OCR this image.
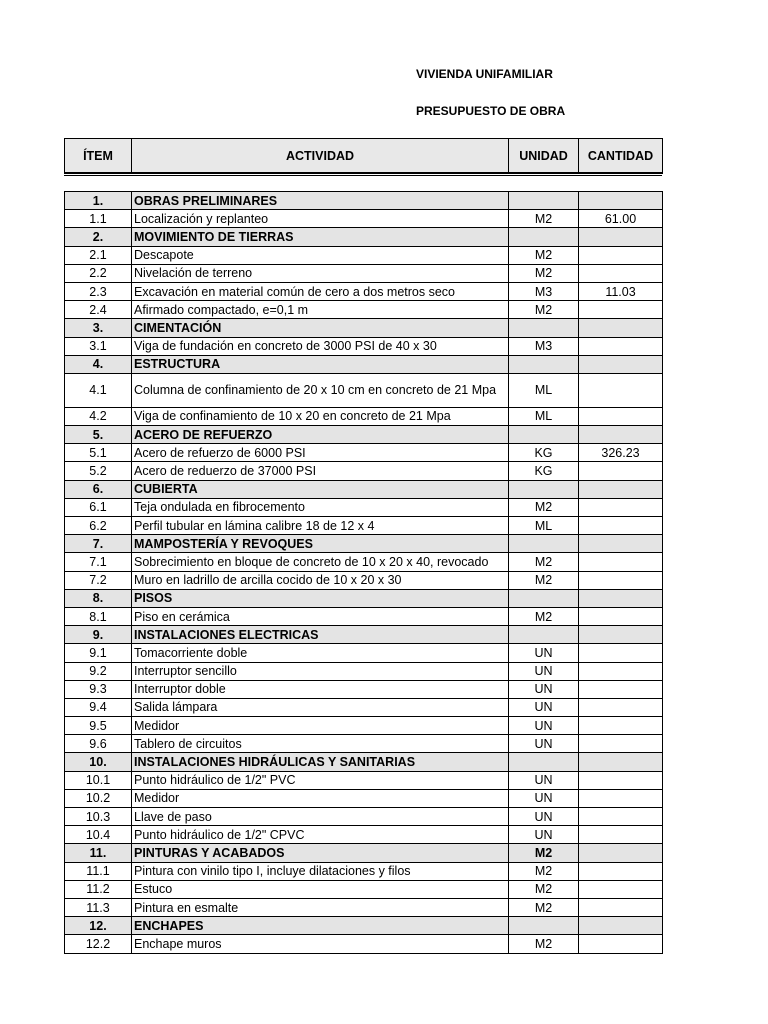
VIVIENDA UNIFAMILIAR
PRESUPUESTO DE OBRA
ÍTEM	ACTIVIDAD	UNIDAD	CANTIDAD
1.	OBRAS PRELIMINARES		
1.1	Localización y replanteo	M2	61.00
2.	MOVIMIENTO DE TIERRAS		
2.1	Descapote	M2	
2.2	Nivelación de terreno	M2	
2.3	Excavación en material común de cero a dos metros seco	M3	11.03
2.4	Afirmado compactado, e=0,1 m	M2	
3.	CIMENTACIÓN		
3.1	Viga de fundación en concreto de 3000 PSI de 40 x 30	M3	
4.	ESTRUCTURA		
4.1	Columna de confinamiento de 20 x 10 cm en concreto de 21 Mpa	ML	
4.2	Viga de confinamiento de 10 x 20 en concreto de 21 Mpa	ML	
5.	ACERO DE REFUERZO		
5.1	Acero de refuerzo de 6000 PSI	KG	326.23
5.2	Acero de reduerzo de 37000 PSI	KG	
6.	CUBIERTA		
6.1	Teja ondulada en fibrocemento	M2	
6.2	Perfil tubular en lámina calibre 18 de 12 x 4	ML	
7.	MAMPOSTERÍA Y REVOQUES		
7.1	Sobrecimiento en bloque de concreto de 10 x 20 x 40, revocado	M2	
7.2	Muro en ladrillo de arcilla cocido de 10 x 20 x 30	M2	
8.	PISOS		
8.1	Piso en cerámica	M2	
9.	INSTALACIONES ELECTRICAS		
9.1	Tomacorriente doble	UN	
9.2	Interruptor sencillo	UN	
9.3	Interruptor doble	UN	
9.4	Salida lámpara	UN	
9.5	Medidor	UN	
9.6	Tablero de circuitos	UN	
10.	INSTALACIONES HIDRÁULICAS Y SANITARIAS		
10.1	Punto hidráulico de 1/2" PVC	UN	
10.2	Medidor	UN	
10.3	Llave de paso	UN	
10.4	Punto hidráulico de 1/2" CPVC	UN	
11.	PINTURAS Y ACABADOS	M2	
11.1	Pintura con vinilo tipo I, incluye dilataciones y filos	M2	
11.2	Estuco	M2	
11.3	Pintura en esmalte	M2	
12.	ENCHAPES		
12.2	Enchape muros	M2	
